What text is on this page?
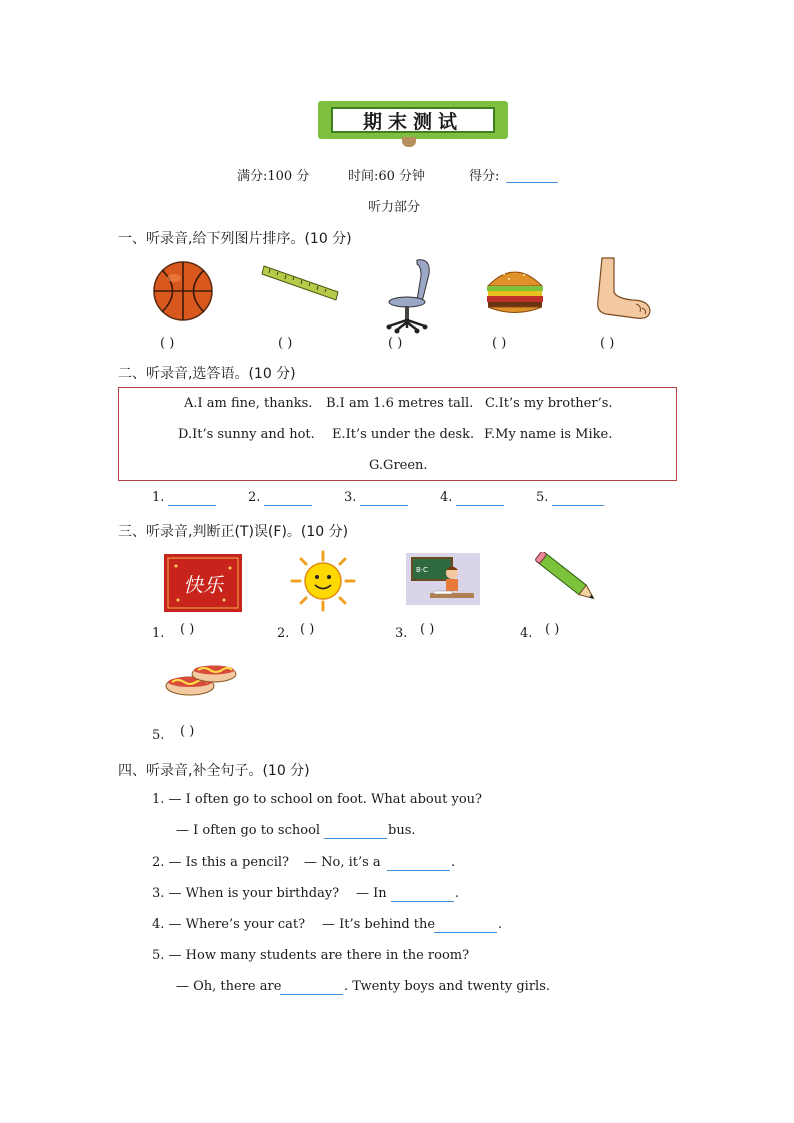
期末测试
满分:100 分	时间:60 分钟	得分:
听力部分
一、听录音,给下列图片排序。(10 分)
( )	( )	( )	( )	( )
二、听录音,选答语。(10 分)
A.I am fine, thanks. B.I am 1.6 metres tall. C.It’s my brother’s.
D.It’s sunny and hot. E.It’s under the desk. F.My name is Mike.
G.Green.
1.	2.	3.	4.	5.
三、听录音,判断正(T)误(F)。(10 分)
快乐
B·C
1. ( )	2. ( )	3. ( )	4. ( )
5. ( )
四、听录音,补全句子。(10 分)
1. — I often go to school on foot. What about you?
— I often go to school	bus.
2. — Is this a pencil? — No, it’s a	.
3. — When is your birthday? — In	.
4. — Where’s your cat? — It’s behind the	.
5. — How many students are there in the room?
— Oh, there are	. Twenty boys and twenty girls.
